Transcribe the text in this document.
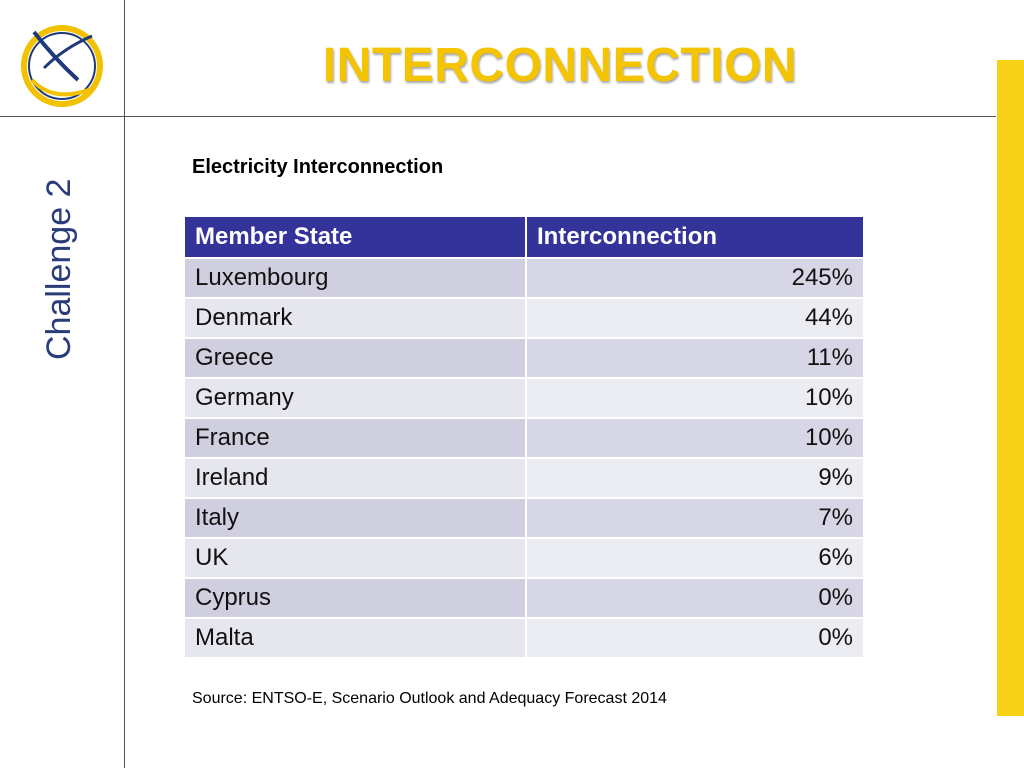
INTERCONNECTION
Challenge 2
Electricity Interconnection
Member State	Interconnection
Luxembourg	245%
Denmark	44%
Greece	11%
Germany	10%
France	10%
Ireland	9%
Italy	7%
UK	6%
Cyprus	0%
Malta	0%
Source: ENTSO-E, Scenario Outlook and Adequacy Forecast 2014
